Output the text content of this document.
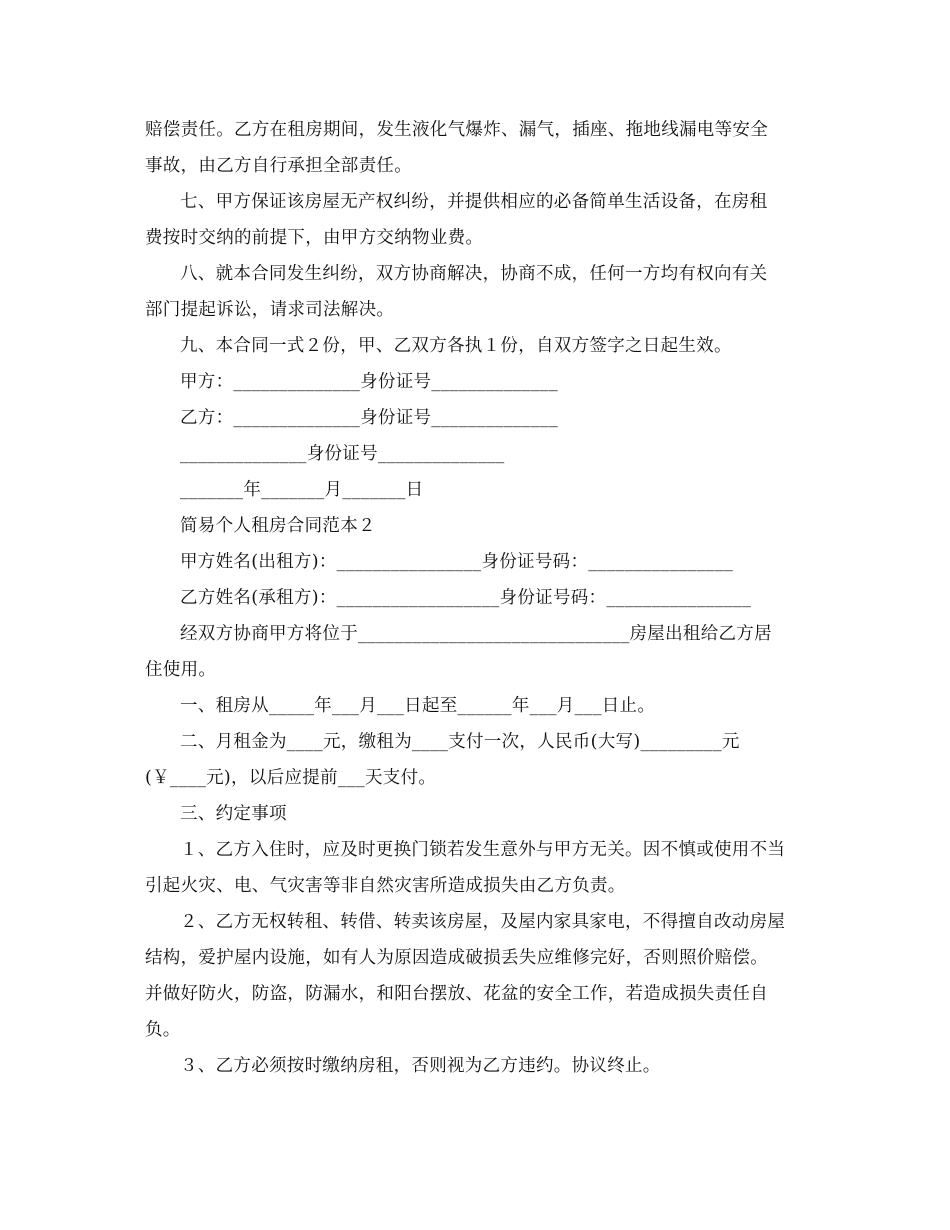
赔偿责任。乙方在租房期间，发生液化气爆炸、漏气，插座、拖地线漏电等安全
事故，由乙方自行承担全部责任。
七、甲方保证该房屋无产权纠纷，并提供相应的必备简单生活设备，在房租
费按时交纳的前提下，由甲方交纳物业费。
八、就本合同发生纠纷，双方协商解决，协商不成，任何一方均有权向有关
部门提起诉讼，请求司法解决。
九、本合同一式２份，甲、乙双方各执１份，自双方签字之日起生效。
甲方：______________身份证号______________
乙方：______________身份证号______________
______________身份证号______________
_______年_______月_______日
简易个人租房合同范本２
甲方姓名(出租方)：________________身份证号码：________________
乙方姓名(承租方)：__________________身份证号码：________________
经双方协商甲方将位于______________________________房屋出租给乙方居
住使用。
一、租房从_____年___月___日起至______年___月___日止。
二、月租金为____元，缴租为____支付一次，人民币(大写)_________元
(￥____元)，以后应提前___天支付。
三、约定事项
１、乙方入住时，应及时更换门锁若发生意外与甲方无关。因不慎或使用不当
引起火灾、电、气灾害等非自然灾害所造成损失由乙方负责。
２、乙方无权转租、转借、转卖该房屋，及屋内家具家电，不得擅自改动房屋
结构，爱护屋内设施，如有人为原因造成破损丢失应维修完好，否则照价赔偿。
并做好防火，防盗，防漏水，和阳台摆放、花盆的安全工作，若造成损失责任自
负。
３、乙方必须按时缴纳房租，否则视为乙方违约。协议终止。
